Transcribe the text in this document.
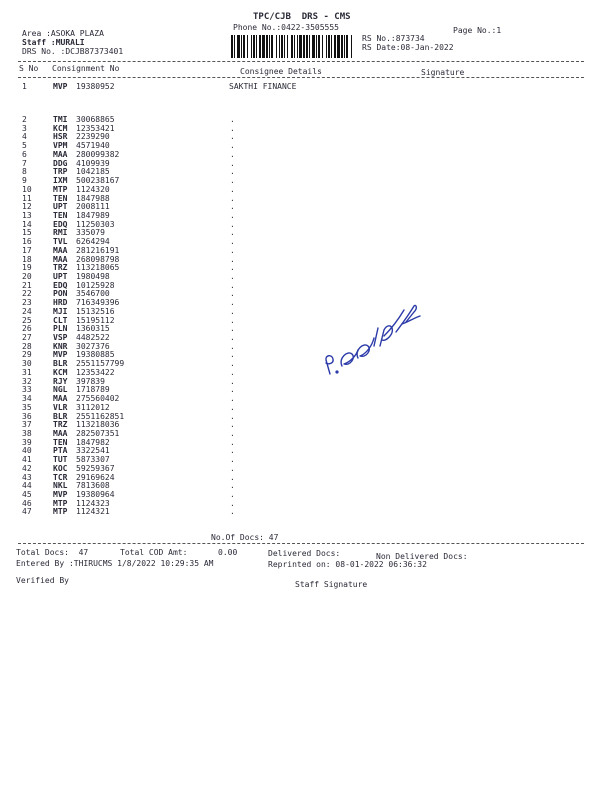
TPC/CJB  DRS - CMS
Phone No.:0422-3505555	Page No.:1
Area :ASOKA PLAZA
Staff :MURALI
DRS No. :DCJB87373401
RS No.:873734
RS Date:08-Jan-2022
S No Consignment No	Consignee Details	Signature
1	MVP 19380952	SAKTHI FINANCE
2	TMI 30068865	.
3	KCM 12353421	.
4	HSR 2239290	.
5	VPM 4571940	.
6	MAA 280099382	.
7	DDG 4109939	.
8	TRP 1042185	.
9	IXM 500238167	.
10	MTP 1124320	.
11	TEN 1847988	.
12	UPT 2008111	.
13	TEN 1847989	.
14	EDQ 11250303	.
15	RMI 335079	.
16	TVL 6264294	.
17	MAA 281216191	.
18	MAA 268098798	.
19	TRZ 113218065	.
20	UPT 1980498	.
21	EDQ 10125928	.
22	PON 3546700	.
23	HRD 716349396	.
24	MJI 15132516	.
25	CLT 15195112	.
26	PLN 1360315	.
27	VSP 4482522	.
28	KNR 3027376	.
29	MVP 19380885	.
30	BLR 2551157799	.
31	KCM 12353422	.
32	RJY 397839	.
33	NGL 1718789	.
34	MAA 275560402	.
35	VLR 3112012	.
36	BLR 2551162851	.
37	TRZ 113218036	.
38	MAA 282507351	.
39	TEN 1847982	.
40	PTA 3322541	.
41	TUT 5873307	.
42	KOC 59259367	.
43	TCR 29169624	.
44	NKL 7813608	.
45	MVP 19380964	.
46	MTP 1124323	.
47	MTP 1124321	.
No.Of Docs: 47
Total Docs:  47	Total COD Amt:	0.00	Delivered Docs:	Non Delivered Docs:
Entered By :THIRUCMS 1/8/2022 10:29:35 AM	Reprinted on: 08-01-2022 06:36:32
Verified By	Staff Signature
